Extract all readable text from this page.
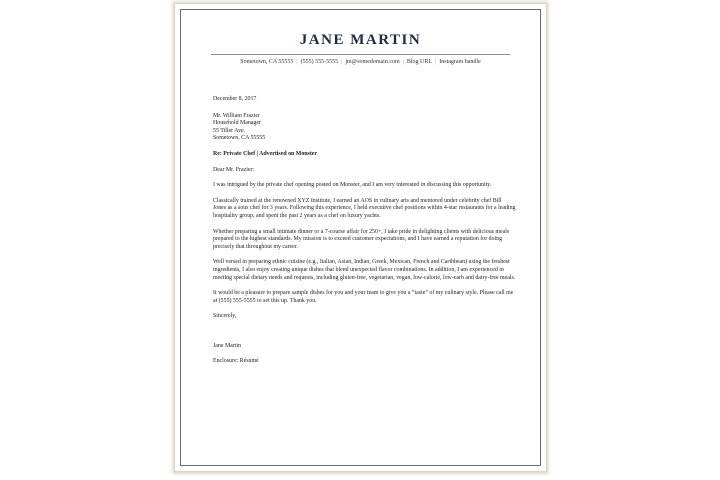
JANE MARTIN
Sometown, CA 55555 | (555) 555-5555 | jm@somedomain.com | Blog URL | Instagram handle

December 8, 2017

Mr. William Frazier

Household Manager

55 Tiller Ave.

Sometown, CA 55555

Re: Private Chef | Advertised on Monster

Dear Mr. Frazier:

I was intrigued by the private chef opening posted on Monster, and I am very interested in discussing this opportunity.

Classically trained at the renowned XYZ Institute, I earned an AOS in culinary arts and mentored under celebrity chef Bill Jones as a sous chef for 3 years. Following this experience, I held executive chef positions within 4-star restaurants for a leading hospitality group, and spent the past 2 years as a chef on luxury yachts.

Whether preparing a small intimate dinner or a 7-course affair for 250+, I take pride in delighting clients with delicious meals prepared to the highest standards. My mission is to exceed customer expectations, and I have earned a reputation for doing precisely that throughout my career.

Well versed in preparing ethnic cuisine (e.g., Italian, Asian, Indian, Greek, Mexican, French and Caribbean) using the freshest ingredients, I also enjoy creating unique dishes that blend unexpected flavor combinations. In addition, I am experienced in meeting special dietary needs and requests, including gluten-free, vegetarian, vegan, low-calorie, low-carb and dairy-free meals.

It would be a pleasure to prepare sample dishes for you and your team to give you a “taste” of my culinary style. Please call me at (555) 555-5555 to set this up. Thank you.

Sincerely,

Jane Martin

Enclosure: Résumé
